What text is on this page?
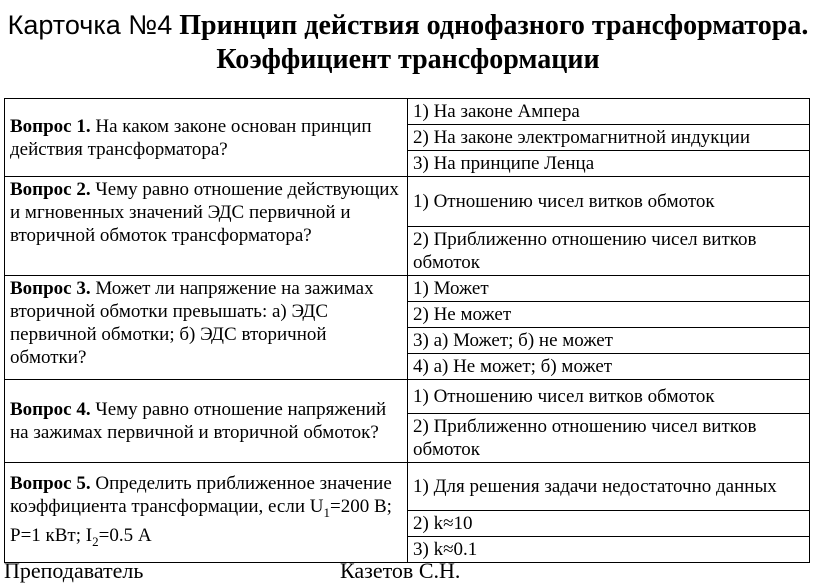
Карточка №4 Принцип действия однофазного трансформатора.
Коэффициент трансформации
Вопрос 1. На каком законе основан принцип действия трансформатора?	1) На законе Ампера
	2) На законе электромагнитной индукции
	3) На принципе Ленца
Вопрос 2. Чему равно отношение действующих и мгновенных значений ЭДС первичной и вторичной обмоток трансформатора?	1) Отношению чисел витков обмоток
	2) Приближенно отношению чисел витков обмоток
Вопрос 3. Может ли напряжение на зажимах вторичной обмотки превышать: а) ЭДС первичной обмотки; б) ЭДС вторичной обмотки?	1) Может
	2) Не может
	3) а) Может; б) не может
	4) а) Не может; б) может
Вопрос 4. Чему равно отношение напряжений на зажимах первичной и вторичной обмоток?	1) Отношению чисел витков обмоток
	2) Приближенно отношению чисел витков обмоток
Вопрос 5. Определить приближенное значение коэффициента трансформации, если $U_1=200$ В; Р=1 кВт; $I_2=0.5$ А	1) Для решения задачи недостаточно данных
	2) k≈10
	3) k≈0.1
Преподаватель	Казетов С.Н.
